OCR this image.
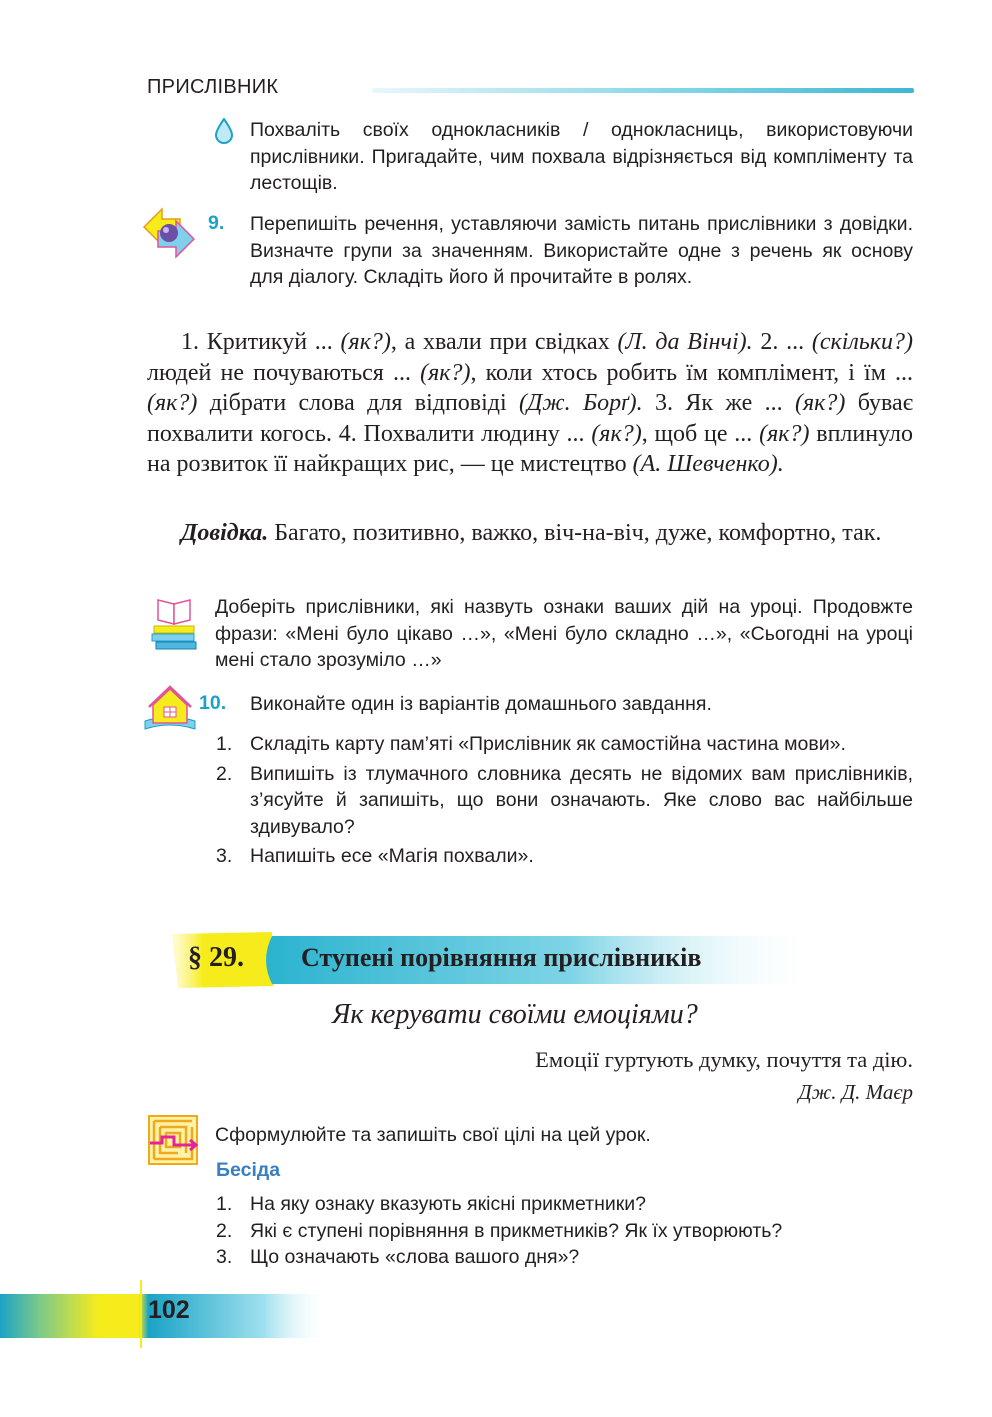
ПРИСЛІВНИК
Похваліть своїх однокласників / однокласниць, використовуючи прислівники. Пригадайте, чим похвала відрізняється від компліменту та лестощів.
9. Перепишіть речення, уставляючи замість питань прислівники з довідки. Визначте групи за значенням. Використайте одне з речень як основу для діалогу. Складіть його й прочитайте в ролях.
1. Критикуй ... (як?), а хвали при свідках (Л. да Вінчі). 2. ... (скільки?) людей не почуваються ... (як?), коли хтось робить їм комплімент, і їм ... (як?) дібрати слова для відповіді (Дж. Борґ). 3. Як же ... (як?) буває похвалити когось. 4. Похвалити людину ... (як?), щоб це ... (як?) вплинуло на розвиток її найкращих рис, — це мистецтво (А. Шевченко).
Довідка. Багато, позитивно, важко, віч-на-віч, дуже, комфортно, так.
Доберіть прислівники, які назвуть ознаки ваших дій на уроці. Продовжте фрази: «Мені було цікаво …», «Мені було складно …», «Сьогодні на уроці мені стало зрозуміло …»
10. Виконайте один із варіантів домашнього завдання.
1. Складіть карту пам’яті «Прислівник як самостійна частина мови».
2. Випишіть із тлумачного словника десять не відомих вам прислівників, з’ясуйте й запишіть, що вони означають. Яке слово вас найбільше здивувало?
3. Напишіть есе «Магія похвали».
§ 29. Ступені порівняння прислівників
Як керувати своїми емоціями?
Емоції гуртують думку, почуття та дію.
Дж. Д. Маєр
Сформулюйте та запишіть свої цілі на цей урок.
Бесіда
1. На яку ознаку вказують якісні прикметники?
2. Які є ступені порівняння в прикметників? Як їх утворюють?
3. Що означають «слова вашого дня»?
102
